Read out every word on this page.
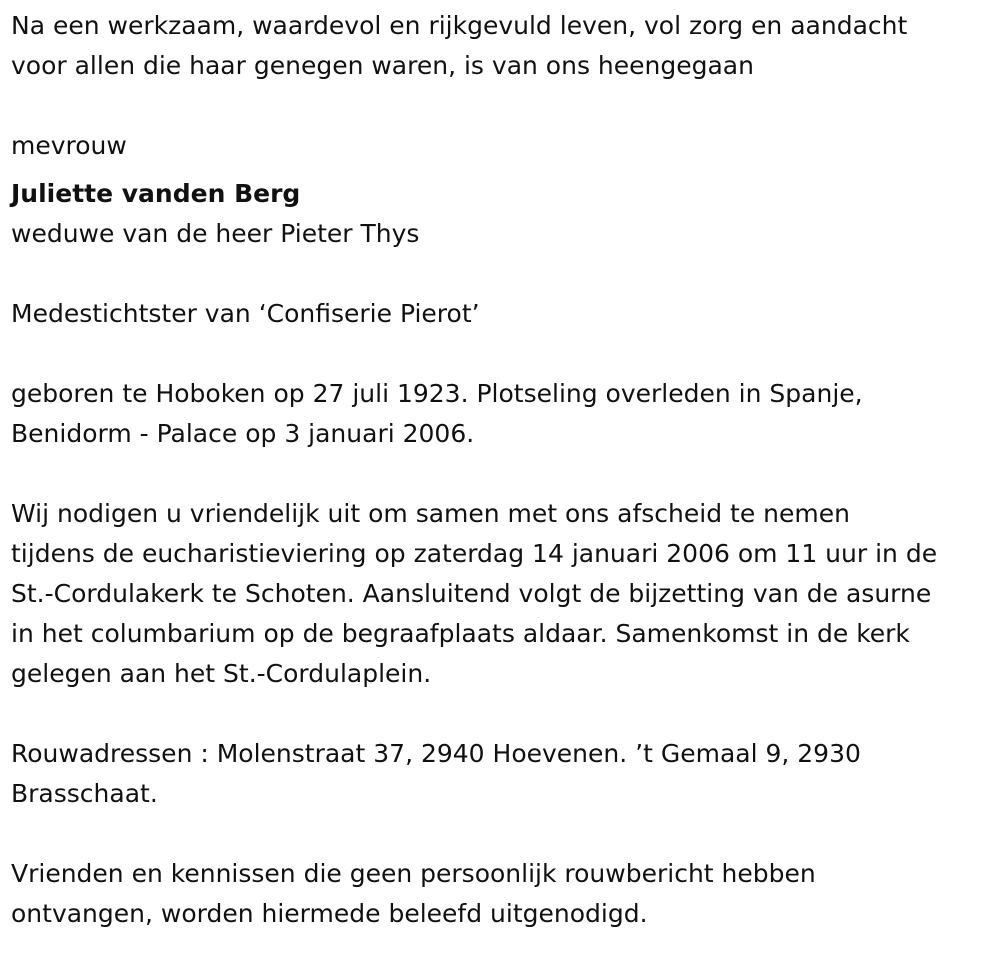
Na een werkzaam, waardevol en rijkgevuld leven, vol zorg en aandacht
voor allen die haar genegen waren, is van ons heengegaan
mevrouw
Juliette vanden Berg
weduwe van de heer Pieter Thys
Medestichtster van ‘Confiserie Pierot’
geboren te Hoboken op 27 juli 1923. Plotseling overleden in Spanje,
Benidorm - Palace op 3 januari 2006.
Wij nodigen u vriendelijk uit om samen met ons afscheid te nemen
tijdens de eucharistieviering op zaterdag 14 januari 2006 om 11 uur in de
St.-Cordulakerk te Schoten. Aansluitend volgt de bijzetting van de asurne
in het columbarium op de begraafplaats aldaar. Samenkomst in de kerk
gelegen aan het St.-Cordulaplein.
Rouwadressen : Molenstraat 37, 2940 Hoevenen. ’t Gemaal 9, 2930
Brasschaat.
Vrienden en kennissen die geen persoonlijk rouwbericht hebben
ontvangen, worden hiermede beleefd uitgenodigd.
